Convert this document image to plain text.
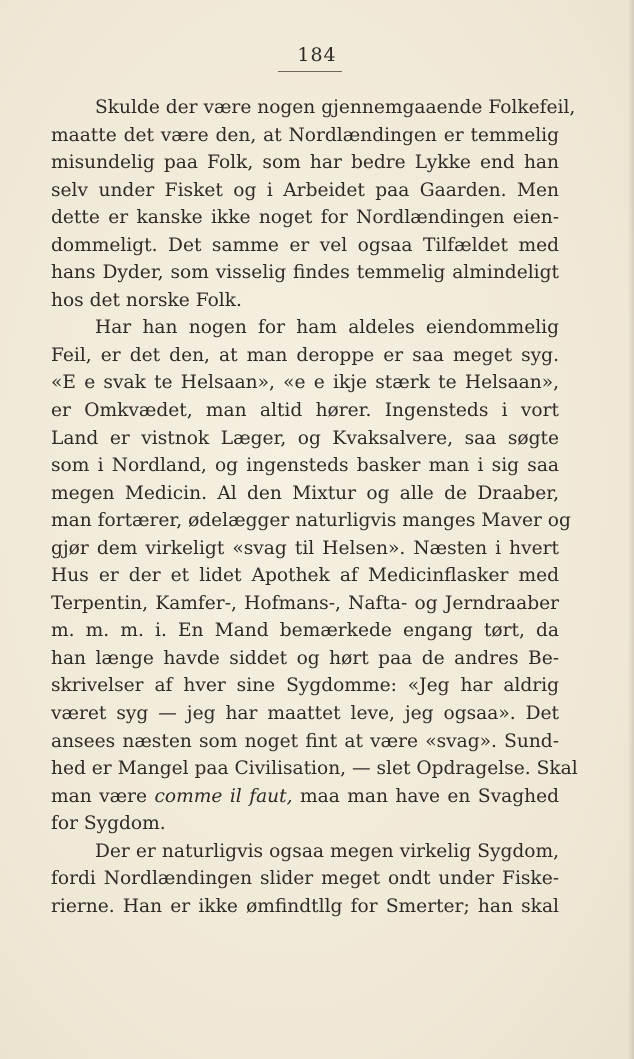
184
Skulde der være nogen gjennemgaaende Folkefeil,
maatte det være den, at Nordlændingen er temmelig
misundelig paa Folk, som har bedre Lykke end han
selv under Fisket og i Arbeidet paa Gaarden. Men
dette er kanske ikke noget for Nordlændingen eien-
dommeligt. Det samme er vel ogsaa Tilfældet med
hans Dyder, som visselig findes temmelig almindeligt
hos det norske Folk.
Har han nogen for ham aldeles eiendommelig
Feil, er det den, at man deroppe er saa meget syg.
«E e svak te Helsaan», «e e ikje stærk te Helsaan»,
er Omkvædet, man altid hører. Ingensteds i vort
Land er vistnok Læger, og Kvaksalvere, saa søgte
som i Nordland, og ingensteds basker man i sig saa
megen Medicin. Al den Mixtur og alle de Draaber,
man fortærer, ødelægger naturligvis manges Maver og
gjør dem virkeligt «svag til Helsen». Næsten i hvert
Hus er der et lidet Apothek af Medicinflasker med
Terpentin, Kamfer-, Hofmans-, Nafta- og Jerndraaber
m. m. m. i. En Mand bemærkede engang tørt, da
han længe havde siddet og hørt paa de andres Be-
skrivelser af hver sine Sygdomme: «Jeg har aldrig
været syg — jeg har maattet leve, jeg ogsaa». Det
ansees næsten som noget fint at være «svag». Sund-
hed er Mangel paa Civilisation, — slet Opdragelse. Skal
man være comme il faut, maa man have en Svaghed
for Sygdom.
Der er naturligvis ogsaa megen virkelig Sygdom,
fordi Nordlændingen slider meget ondt under Fiske-
rierne. Han er ikke ømfindtllg for Smerter; han skal
